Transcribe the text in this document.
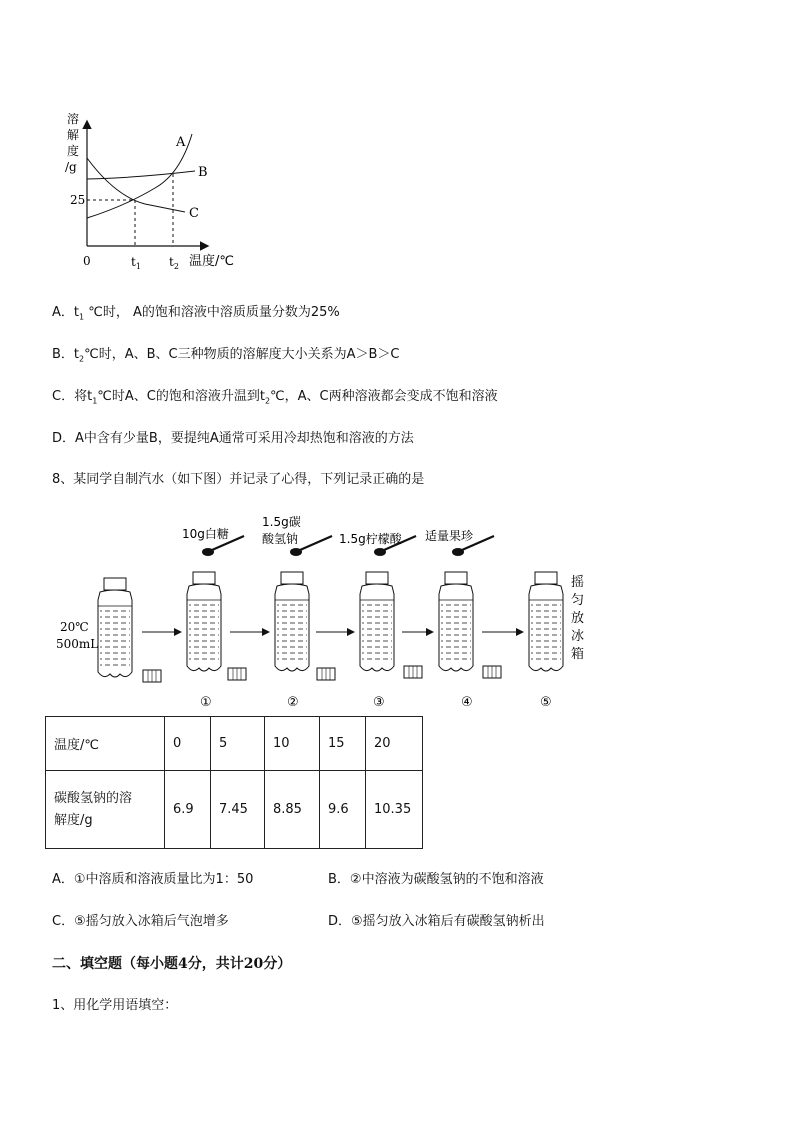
溶
解
度
/g
25
0	$t_1$ $t_2$ 温度/℃
A
B
C
A．$t_1$ ℃时， A的饱和溶液中溶质质量分数为25%
B．$t_2℃$时，A、B、C三种物质的溶解度大小关系为A＞B＞C
C．将$t_1℃$时A、C的饱和溶液升温到$t_2℃$，A、C两种溶液都会变成不饱和溶液
D．A中含有少量B，要提纯A通常可采用冷却热饱和溶液的方法
8、某同学自制汽水（如下图）并记录了心得，下列记录正确的是
10g白糖
1.5g碳
酸氢钠	1.5g柠檬酸 适量果珍
20℃
500mL
摇
匀
放
冰
箱
①	②	③	④	⑤
温度/℃	0	5	10	15	20
碳酸氢钠的溶
解度/g	6.9	7.45	8.85	9.6	10.35
A．①中溶质和溶液质量比为1：50	B．②中溶液为碳酸氢钠的不饱和溶液
C．⑤摇匀放入冰箱后气泡增多	D．⑤摇匀放入冰箱后有碳酸氢钠析出
二、填空题（每小题4分，共计20分）
1、用化学用语填空：
